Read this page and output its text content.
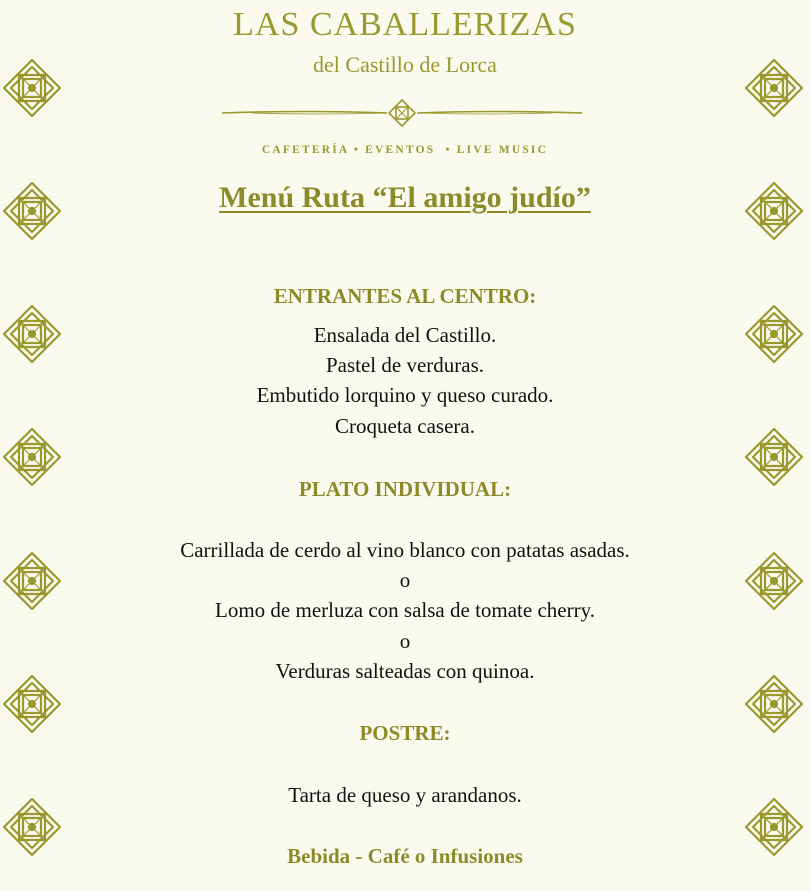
LAS CABALLERIZAS
del Castillo de Lorca
CAFETERÍA • EVENTOS  • LIVE MUSIC
Menú Ruta “El amigo judío”
ENTRANTES AL CENTRO:
Ensalada del Castillo.
Pastel de verduras.
Embutido lorquino y queso curado.
Croqueta casera.
PLATO INDIVIDUAL:
Carrillada de cerdo al vino blanco con patatas asadas.
o
Lomo de merluza con salsa de tomate cherry.
o
Verduras salteadas con quinoa.
POSTRE:
Tarta de queso y arandanos.
Bebida - Café o Infusiones
